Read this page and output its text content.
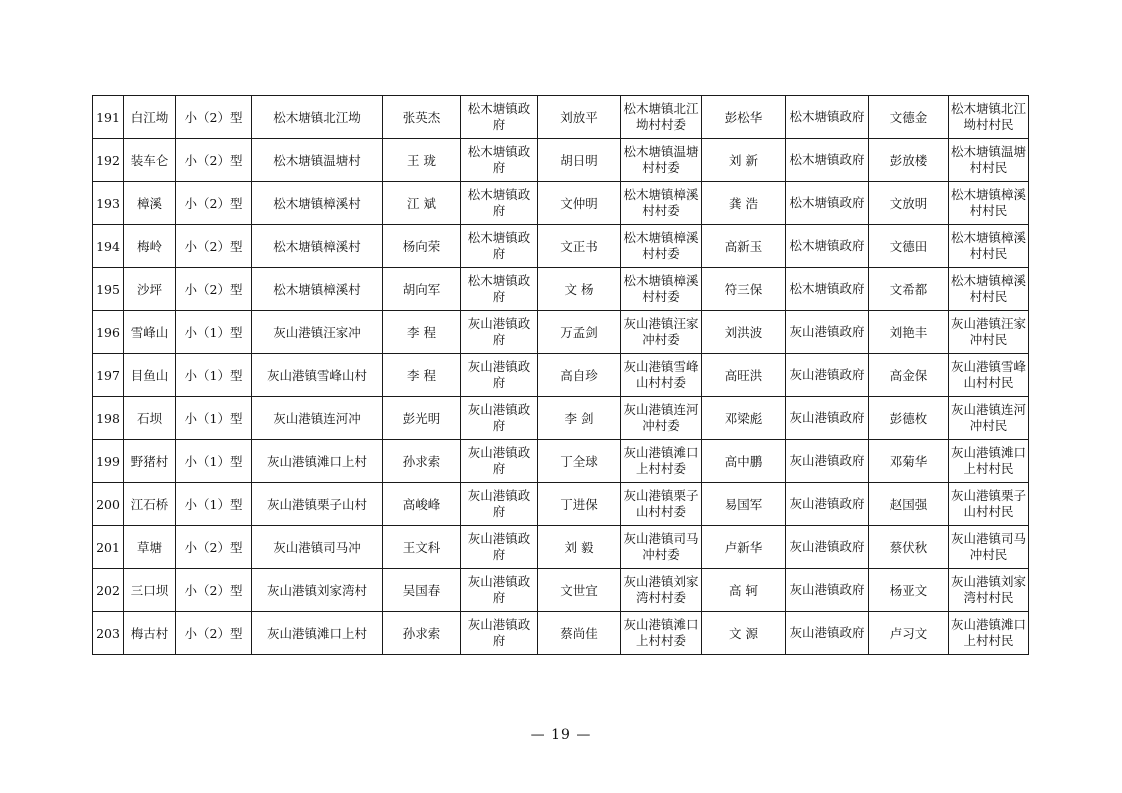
191	白江坳	小（2）型	松木塘镇北江坳	张英杰	松木塘镇政府	刘放平	松木塘镇北江坳村村委	彭松华	松木塘镇政府	文德金	松木塘镇北江坳村村民
192	装车仑	小（2）型	松木塘镇温塘村	王 珑	松木塘镇政府	胡日明	松木塘镇温塘村村委	刘 新	松木塘镇政府	彭放楼	松木塘镇温塘村村民
193	樟溪	小（2）型	松木塘镇樟溪村	江 斌	松木塘镇政府	文仲明	松木塘镇樟溪村村委	龚 浩	松木塘镇政府	文放明	松木塘镇樟溪村村民
194	梅岭	小（2）型	松木塘镇樟溪村	杨向荣	松木塘镇政府	文正书	松木塘镇樟溪村村委	高新玉	松木塘镇政府	文德田	松木塘镇樟溪村村民
195	沙坪	小（2）型	松木塘镇樟溪村	胡向军	松木塘镇政府	文 杨	松木塘镇樟溪村村委	符三保	松木塘镇政府	文希都	松木塘镇樟溪村村民
196	雪峰山	小（1）型	灰山港镇汪家冲	李 程	灰山港镇政府	万孟剑	灰山港镇汪家冲村委	刘洪波	灰山港镇政府	刘艳丰	灰山港镇汪家冲村民
197	目鱼山	小（1）型	灰山港镇雪峰山村	李 程	灰山港镇政府	高自珍	灰山港镇雪峰山村村委	高旺洪	灰山港镇政府	高金保	灰山港镇雪峰山村村民
198	石坝	小（1）型	灰山港镇连河冲	彭光明	灰山港镇政府	李 剑	灰山港镇连河冲村委	邓梁彪	灰山港镇政府	彭德枚	灰山港镇连河冲村民
199	野猪村	小（1）型	灰山港镇滩口上村	孙求索	灰山港镇政府	丁全球	灰山港镇滩口上村村委	高中鹏	灰山港镇政府	邓菊华	灰山港镇滩口上村村民
200	江石桥	小（1）型	灰山港镇栗子山村	高峻峰	灰山港镇政府	丁进保	灰山港镇栗子山村村委	易国军	灰山港镇政府	赵国强	灰山港镇栗子山村村民
201	草塘	小（2）型	灰山港镇司马冲	王文科	灰山港镇政府	刘 毅	灰山港镇司马冲村委	卢新华	灰山港镇政府	蔡伏秋	灰山港镇司马冲村民
202	三口坝	小（2）型	灰山港镇刘家湾村	吴国春	灰山港镇政府	文世宜	灰山港镇刘家湾村村委	高 轲	灰山港镇政府	杨亚文	灰山港镇刘家湾村村民
203	梅古村	小（2）型	灰山港镇滩口上村	孙求索	灰山港镇政府	蔡尚佳	灰山港镇滩口上村村委	文 源	灰山港镇政府	卢习文	灰山港镇滩口上村村民
— 19 —
